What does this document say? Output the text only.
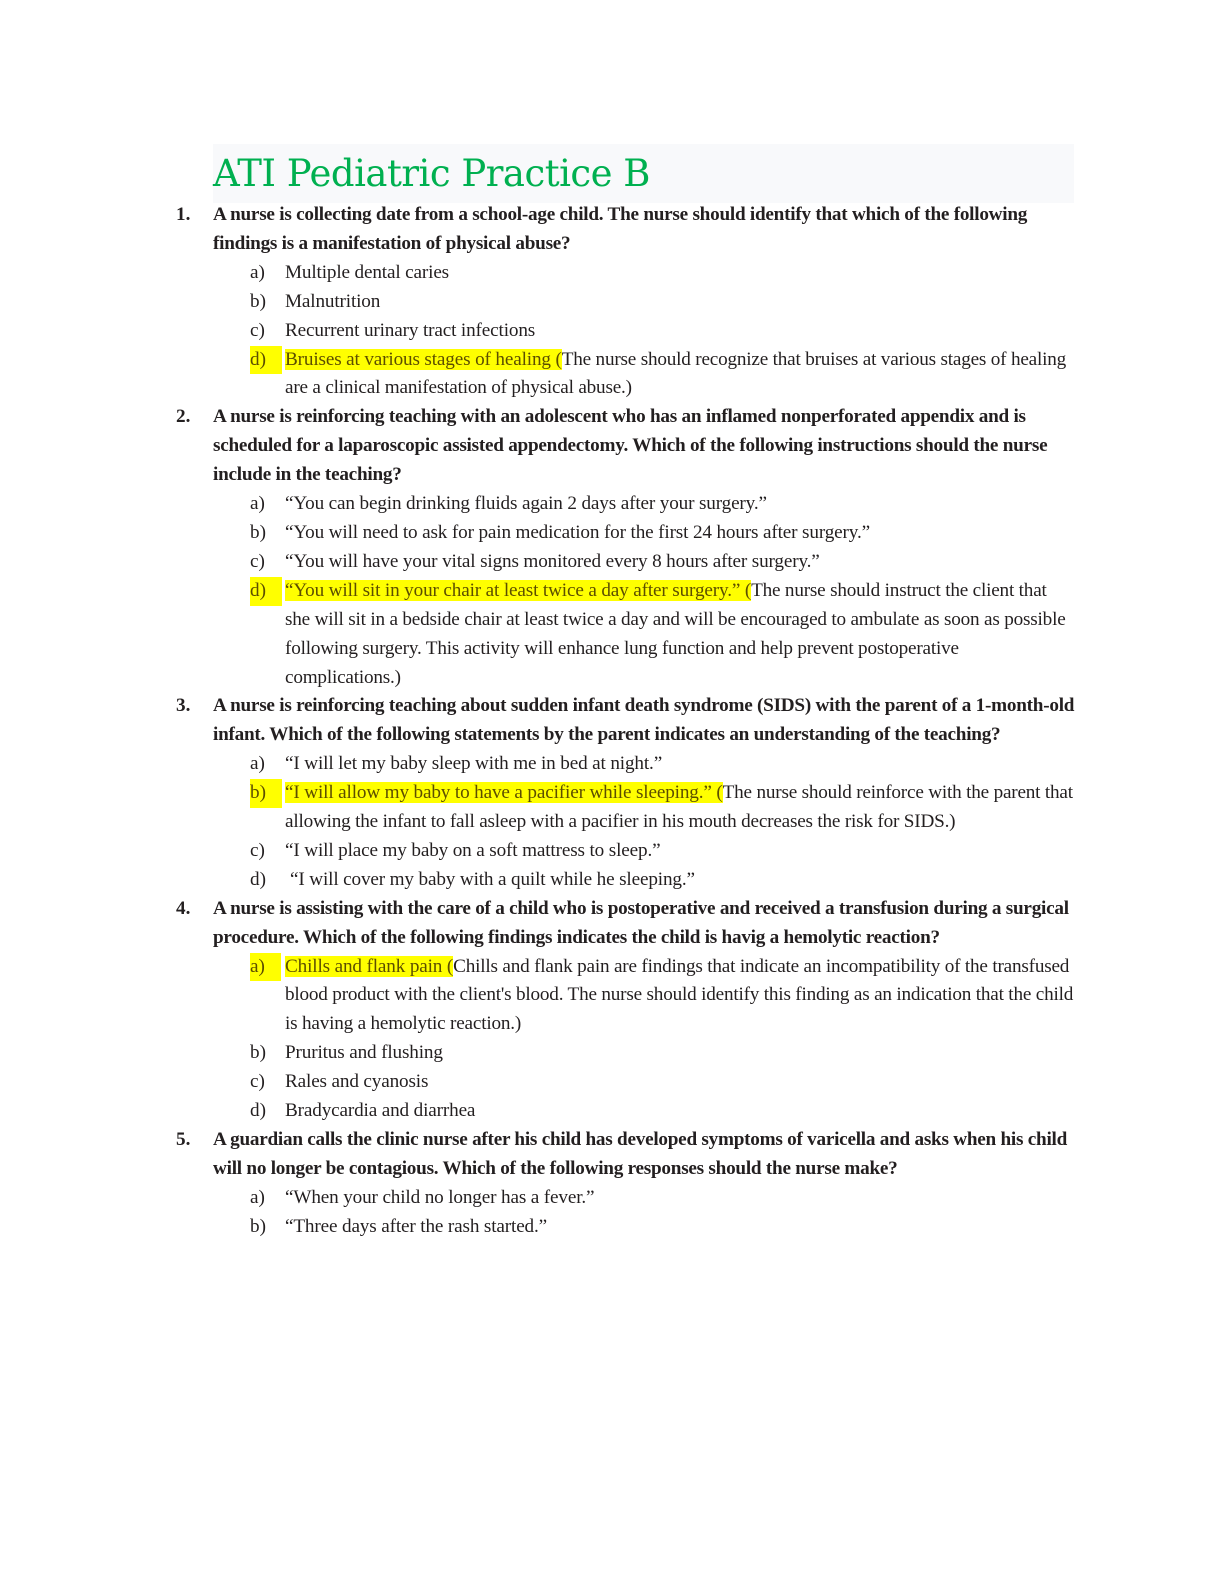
ATI Pediatric Practice B
1. A nurse is collecting date from a school-age child. The nurse should identify that which of the following findings is a manifestation of physical abuse?
a) Multiple dental caries
b) Malnutrition
c) Recurrent urinary tract infections
d) Bruises at various stages of healing (The nurse should recognize that bruises at various stages of healing are a clinical manifestation of physical abuse.)
2. A nurse is reinforcing teaching with an adolescent who has an inflamed nonperforated appendix and is scheduled for a laparoscopic assisted appendectomy. Which of the following instructions should the nurse include in the teaching?
a) “You can begin drinking fluids again 2 days after your surgery.”
b) “You will need to ask for pain medication for the first 24 hours after surgery.”
c) “You will have your vital signs monitored every 8 hours after surgery.”
d) “You will sit in your chair at least twice a day after surgery.” (The nurse should instruct the client that she will sit in a bedside chair at least twice a day and will be encouraged to ambulate as soon as possible following surgery. This activity will enhance lung function and help prevent postoperative complications.)
3. A nurse is reinforcing teaching about sudden infant death syndrome (SIDS) with the parent of a 1-month-old infant. Which of the following statements by the parent indicates an understanding of the teaching?
a) “I will let my baby sleep with me in bed at night.”
b) “I will allow my baby to have a pacifier while sleeping.” (The nurse should reinforce with the parent that allowing the infant to fall asleep with a pacifier in his mouth decreases the risk for SIDS.)
c) “I will place my baby on a soft mattress to sleep.”
d) “I will cover my baby with a quilt while he sleeping.”
4. A nurse is assisting with the care of a child who is postoperative and received a transfusion during a surgical procedure. Which of the following findings indicates the child is havig a hemolytic reaction?
a)	Chills and flank pain (Chills and flank pain are findings that indicate an incompatibility of the transfused blood product with the client's blood. The nurse should identify this finding as an indication that the child is having a hemolytic reaction.)
b) Pruritus and flushing
c) Rales and cyanosis
d) Bradycardia and diarrhea
5. A guardian calls the clinic nurse after his child has developed symptoms of varicella and asks when his child will no longer be contagious. Which of the following responses should the nurse make?
a) “When your child no longer has a fever.”
b) “Three days after the rash started.”
